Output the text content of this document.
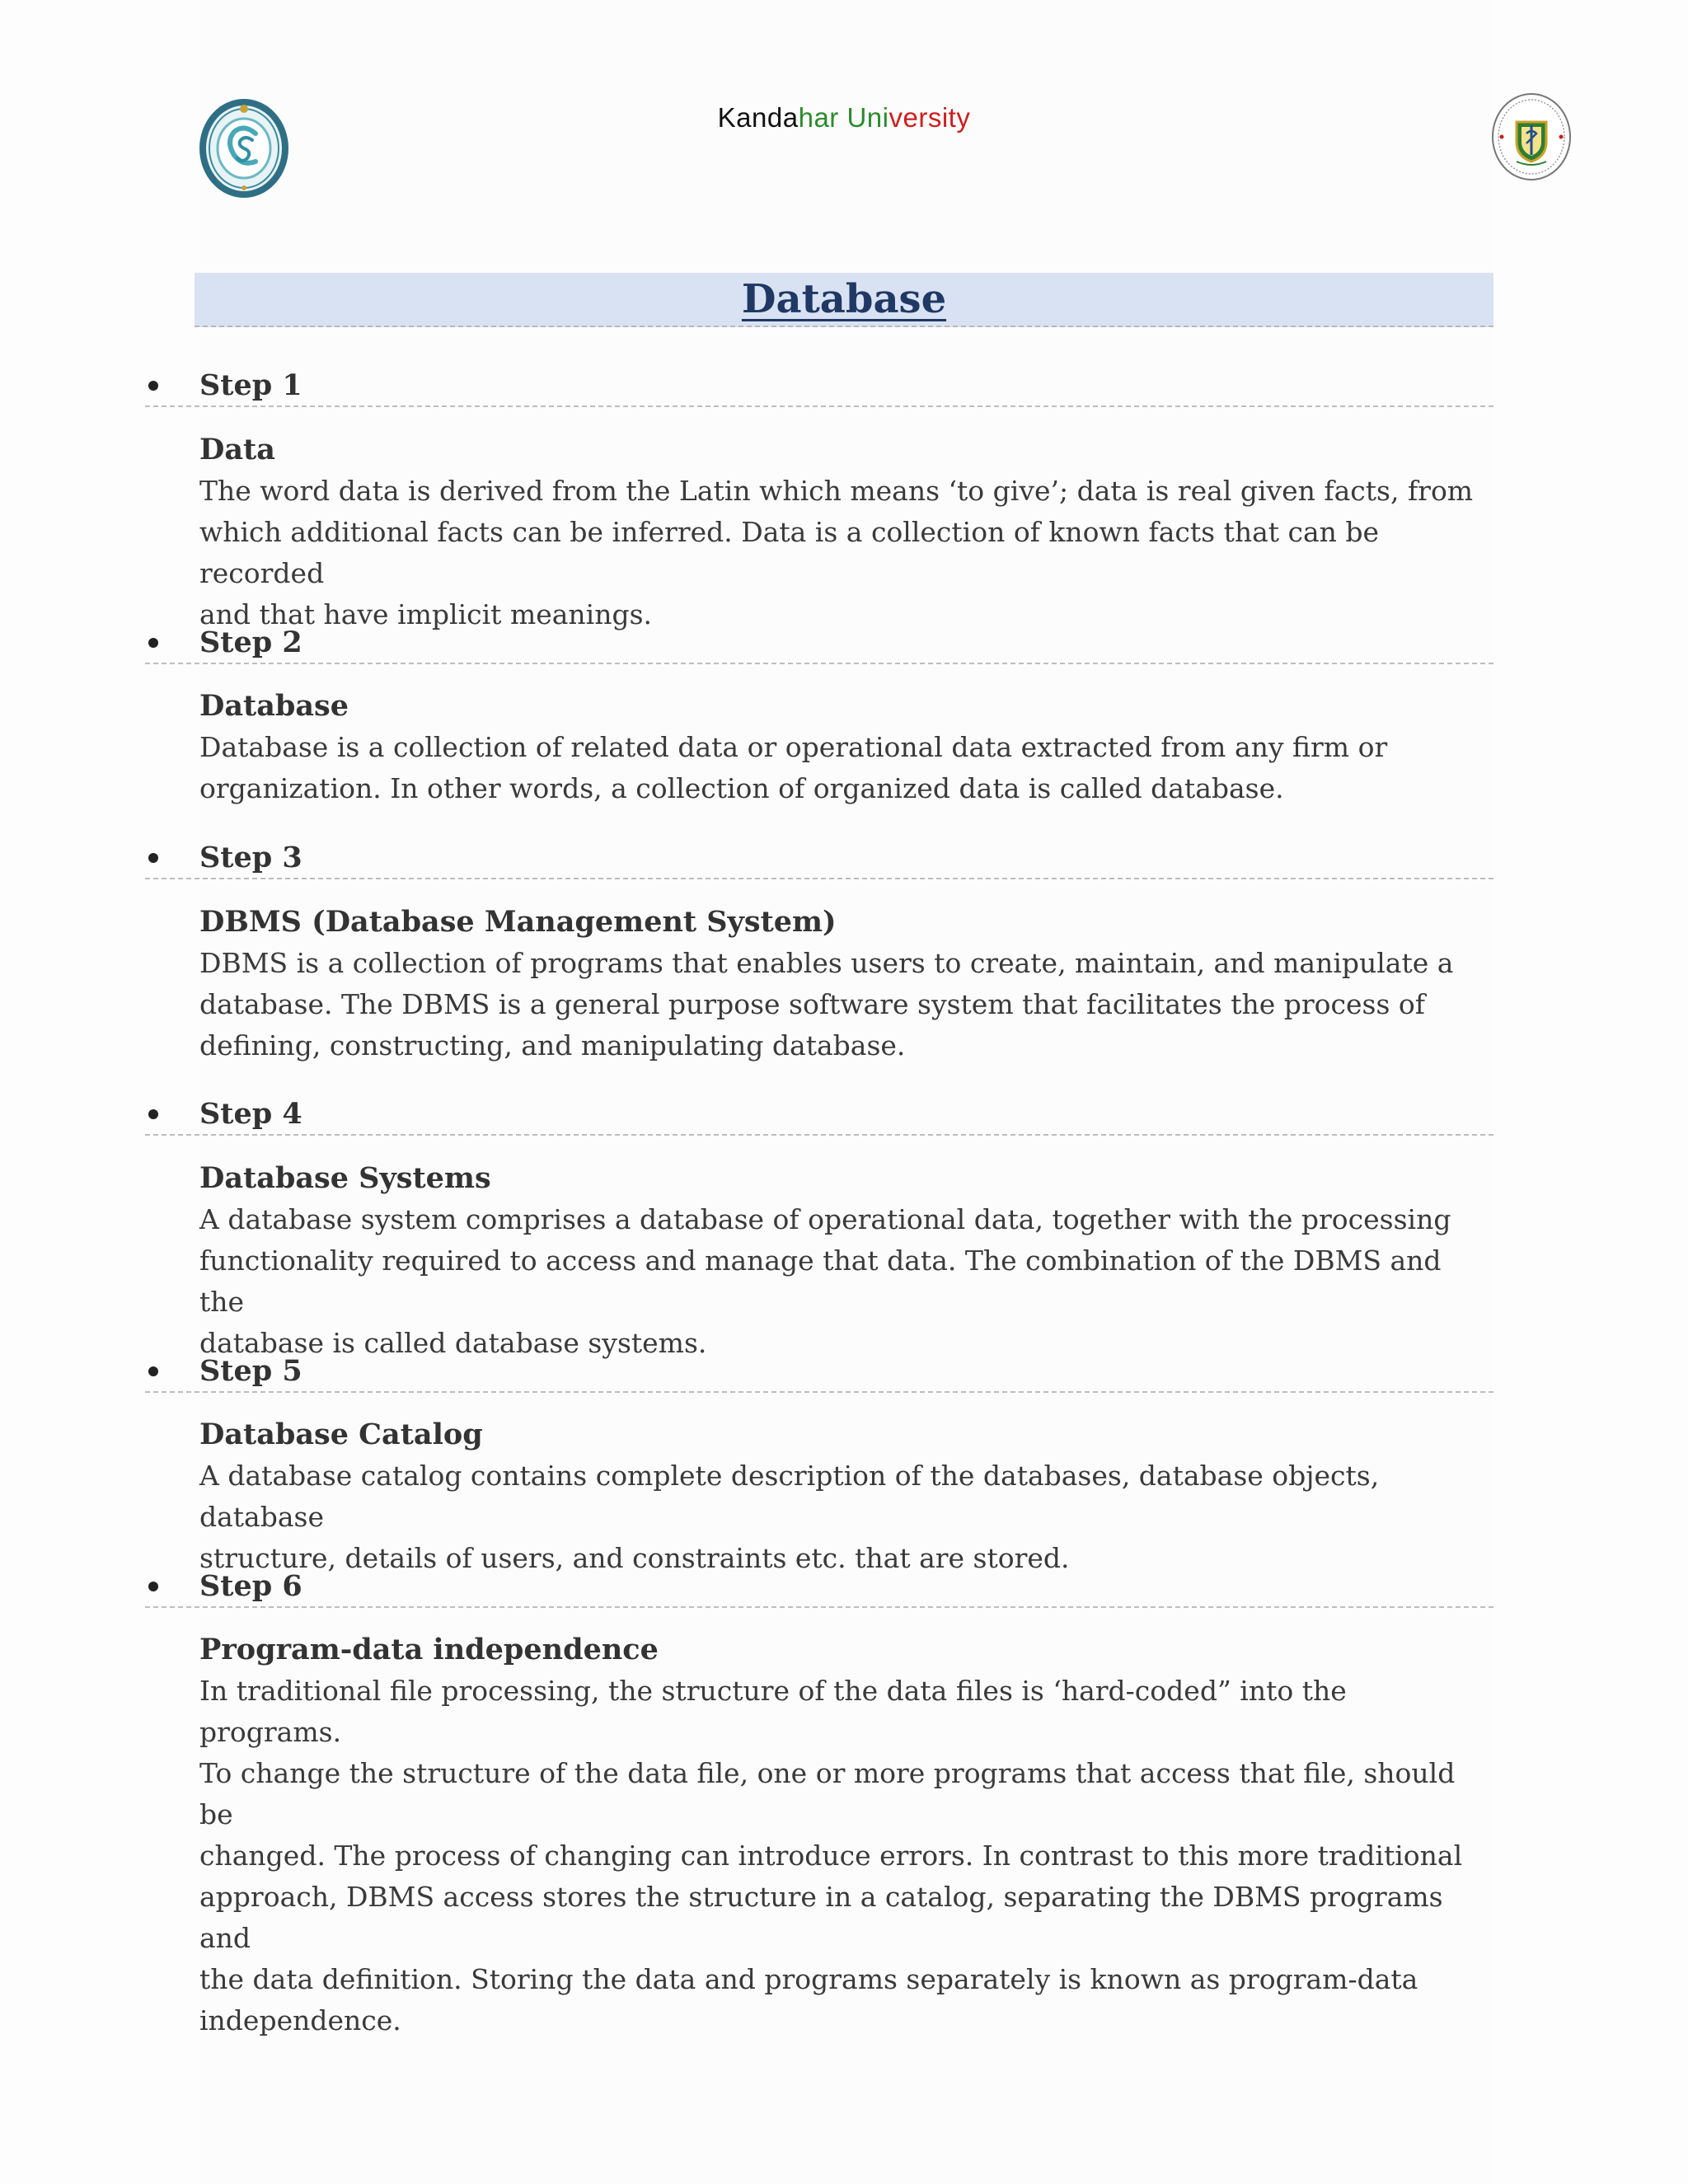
Kandahar University
Database
Step 1
Data

The word data is derived from the Latin which means ‘to give’; data is real given facts, from

which additional facts can be inferred. Data is a collection of known facts that can be recorded

and that have implicit meanings.

Step 2
Database

Database is a collection of related data or operational data extracted from any firm or

organization. In other words, a collection of organized data is called database.

Step 3
DBMS (Database Management System)

DBMS is a collection of programs that enables users to create, maintain, and manipulate a

database. The DBMS is a general purpose software system that facilitates the process of

defining, constructing, and manipulating database.

Step 4
Database Systems

A database system comprises a database of operational data, together with the processing

functionality required to access and manage that data. The combination of the DBMS and the

database is called database systems.

Step 5
Database Catalog

A database catalog contains complete description of the databases, database objects, database

structure, details of users, and constraints etc. that are stored.

Step 6
Program-data independence

In traditional file processing, the structure of the data files is ‘hard-coded” into the programs.

To change the structure of the data file, one or more programs that access that file, should be

changed. The process of changing can introduce errors. In contrast to this more traditional

approach, DBMS access stores the structure in a catalog, separating the DBMS programs and

the data definition. Storing the data and programs separately is known as program-data

independence.
